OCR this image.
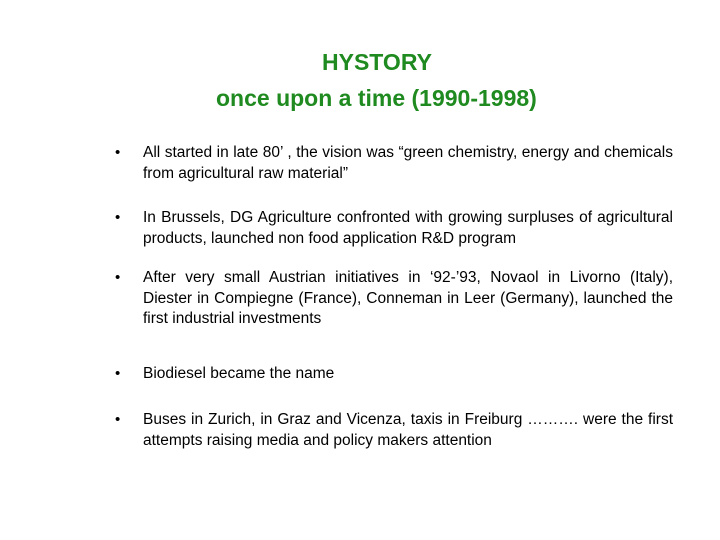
HYSTORY
once upon a time (1990-1998)
• All started in late 80’ , the vision was “green chemistry, energy and chemicals from agricultural raw material”
• In Brussels, DG Agriculture confronted with growing surpluses of agricultural products, launched non food application R&D program
• After very small Austrian initiatives in ‘92-’93, Novaol in Livorno (Italy), Diester in Compiegne (France), Conneman in Leer (Germany), launched the first industrial investments
• Biodiesel became the name
• Buses in Zurich, in Graz and Vicenza, taxis in Freiburg ………. were the first attempts raising media and policy makers attention
